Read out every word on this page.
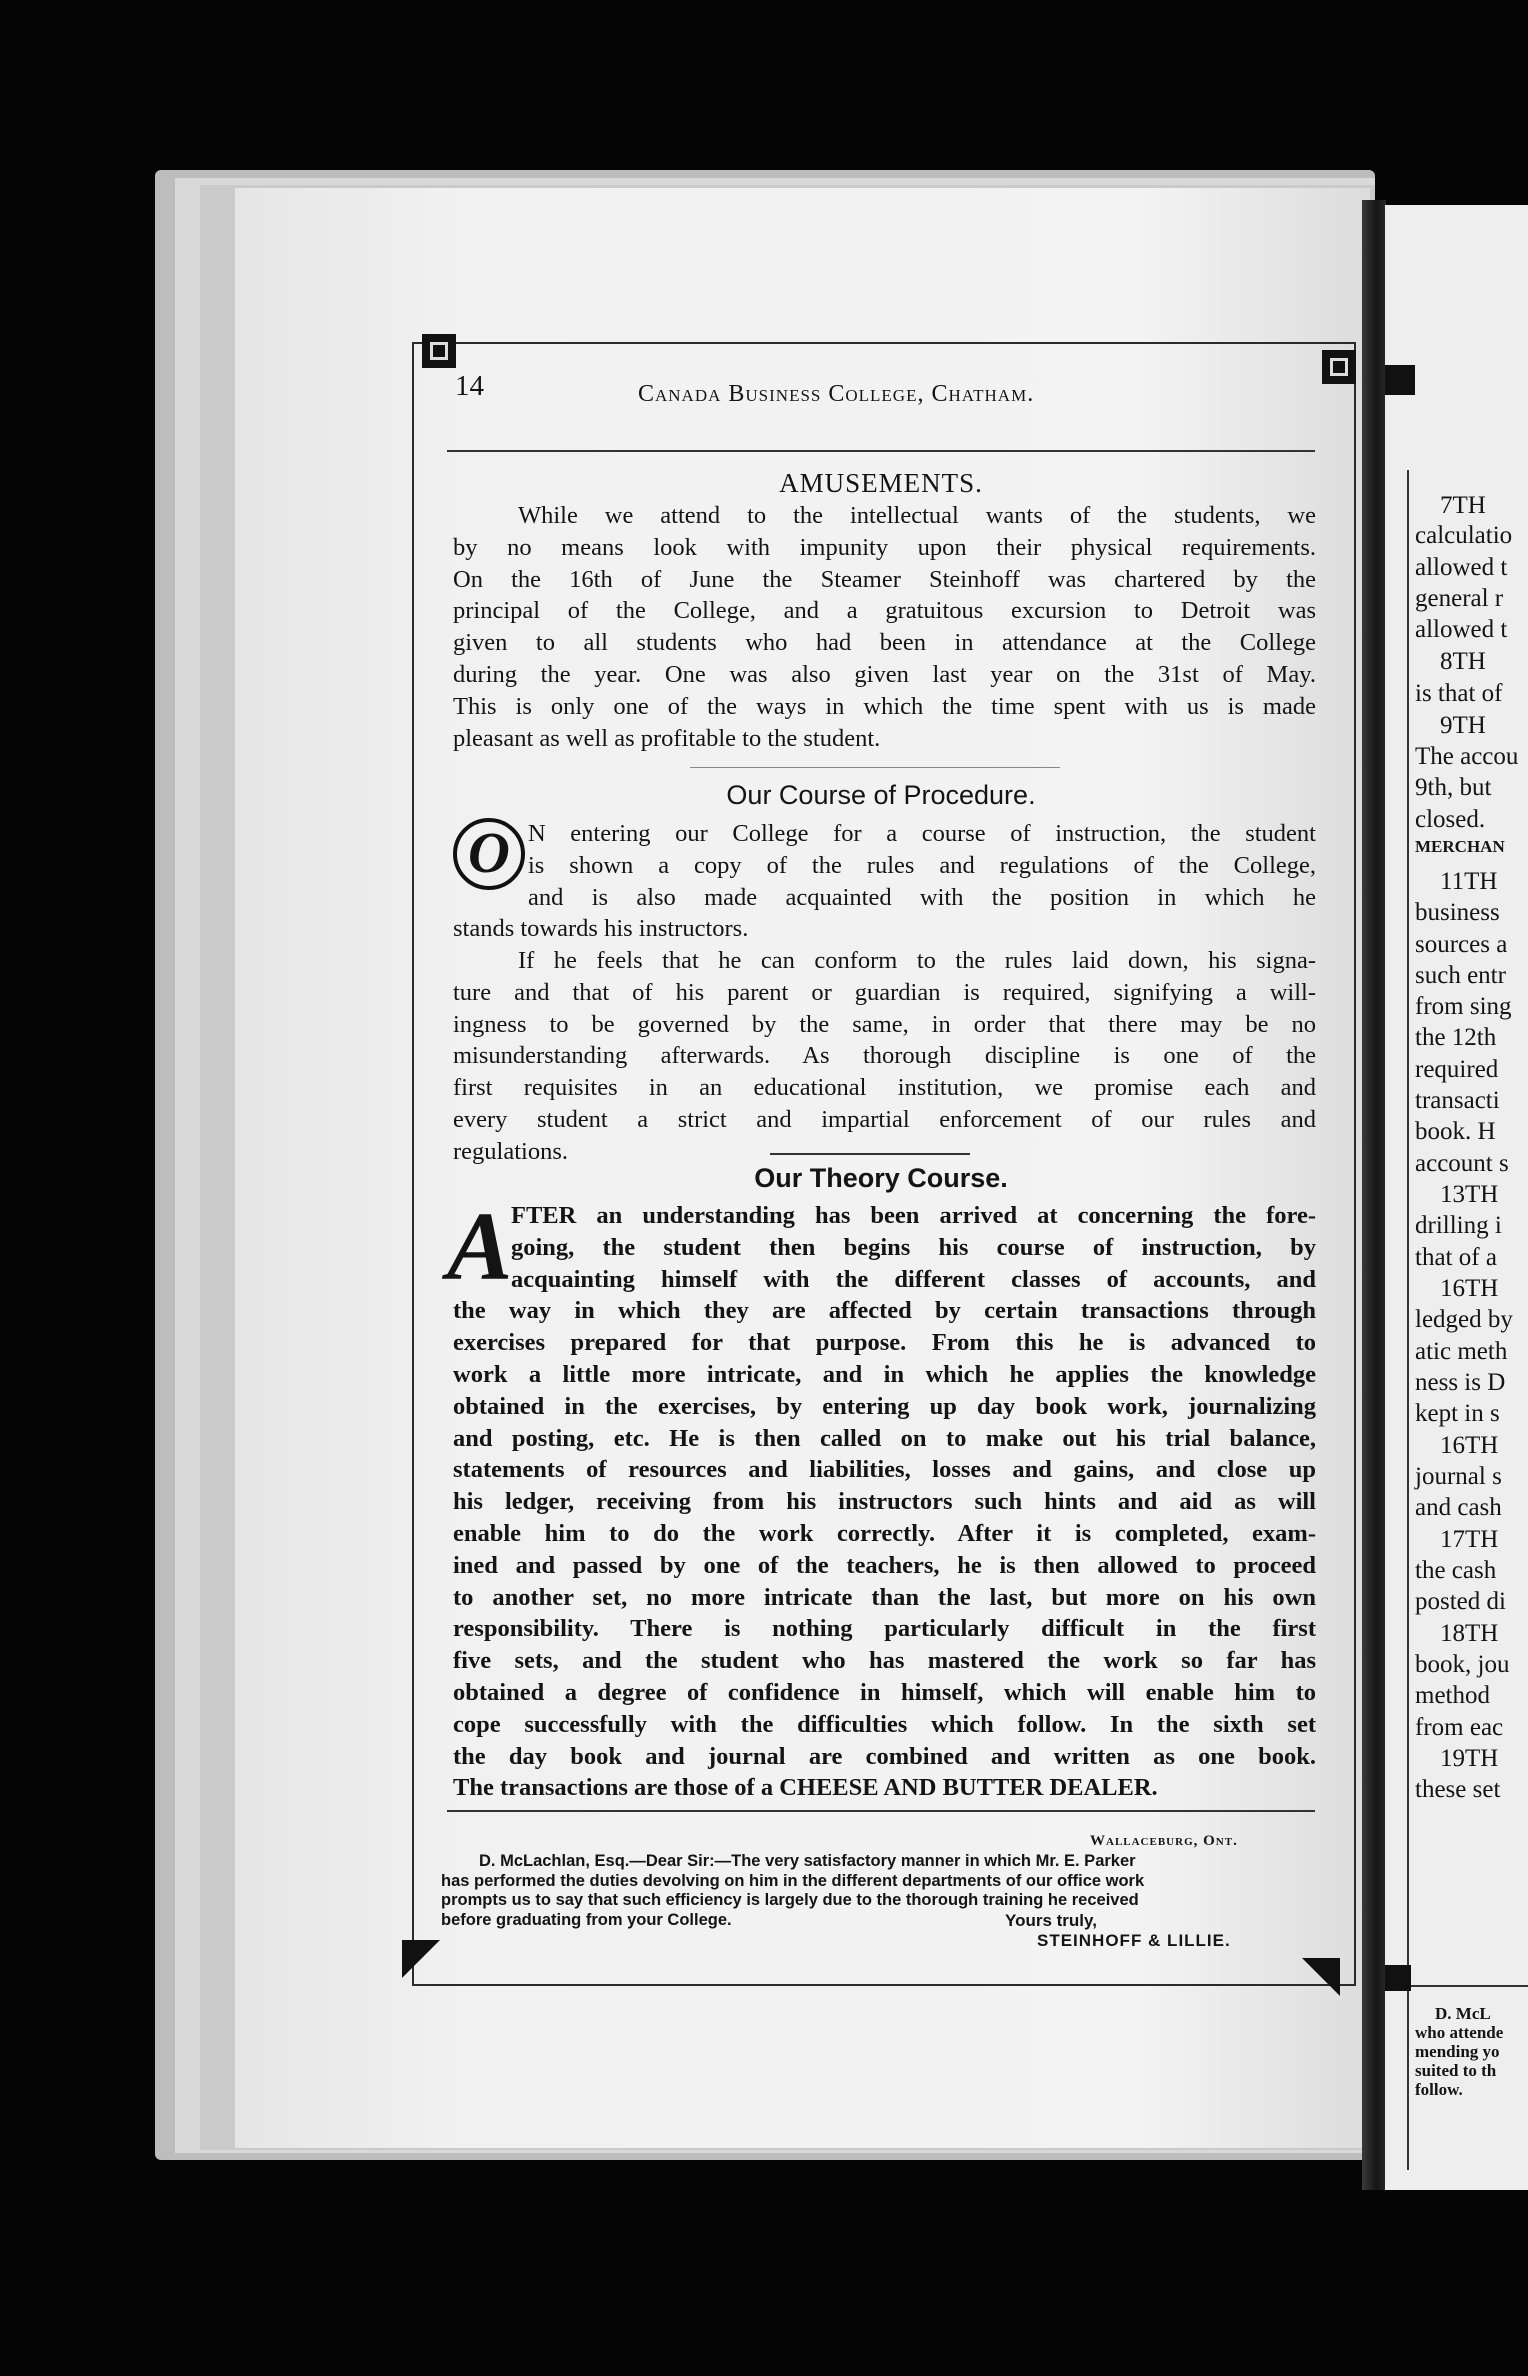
7TH
calculatio
allowed t
general r
allowed t
8TH
is that of
9TH
The accou
9th, but
closed.
MERCHAN
11TH
business
sources a
such entr
from sing
the 12th
required
transacti
book. H
account s
13TH
drilling i
that of a
16TH
ledged by
atic meth
ness is D
kept in s
16TH
journal s
and cash
17TH
the cash
posted di
18TH
book, jou
method
from eac
19TH
these set
D. McL
who attende
mending yo
suited to th
follow.
14	Canada Business College, Chatham.
AMUSEMENTS.
While we attend to the intellectual wants of the students, we
by no means look with impunity upon their physical requirements.
On the 16th of June the Steamer Steinhoff was chartered by the
principal of the College, and a gratuitous excursion to Detroit was
given to all students who had been in attendance at the College
during the year. One was also given last year on the 31st of May.
This is only one of the ways in which the time spent with us is made
pleasant as well as profitable to the student.
Our Course of Procedure.
O N entering our College for a course of instruction, the student
is shown a copy of the rules and regulations of the College,
and is also made acquainted with the position in which he
stands towards his instructors.
If he feels that he can conform to the rules laid down, his signa-
ture and that of his parent or guardian is required, signifying a will-
ingness to be governed by the same, in order that there may be no
misunderstanding afterwards. As thorough discipline is one of the
first requisites in an educational institution, we promise each and
every student a strict and impartial enforcement of our rules and
regulations.
Our Theory Course.
A
FTER an understanding has been arrived at concerning the fore-
going, the student then begins his course of instruction, by
acquainting himself with the different classes of accounts, and
the way in which they are affected by certain transactions through
exercises prepared for that purpose. From this he is advanced to
work a little more intricate, and in which he applies the knowledge
obtained in the exercises, by entering up day book work, journalizing
and posting, etc. He is then called on to make out his trial balance,
statements of resources and liabilities, losses and gains, and close up
his ledger, receiving from his instructors such hints and aid as will
enable him to do the work correctly. After it is completed, exam-
ined and passed by one of the teachers, he is then allowed to proceed
to another set, no more intricate than the last, but more on his own
responsibility. There is nothing particularly difficult in the first
five sets, and the student who has mastered the work so far has
obtained a degree of confidence in himself, which will enable him to
cope successfully with the difficulties which follow. In the sixth set
the day book and journal are combined and written as one book.
The transactions are those of a CHEESE AND BUTTER DEALER.
Wallaceburg, Ont.
D. McLachlan, Esq.—Dear Sir:—The very satisfactory manner in which Mr. E. Parker
has performed the duties devolving on him in the different departments of our office work
prompts us to say that such efficiency is largely due to the thorough training he received
before graduating from your College.	Yours truly,
STEINHOFF & LILLIE.
